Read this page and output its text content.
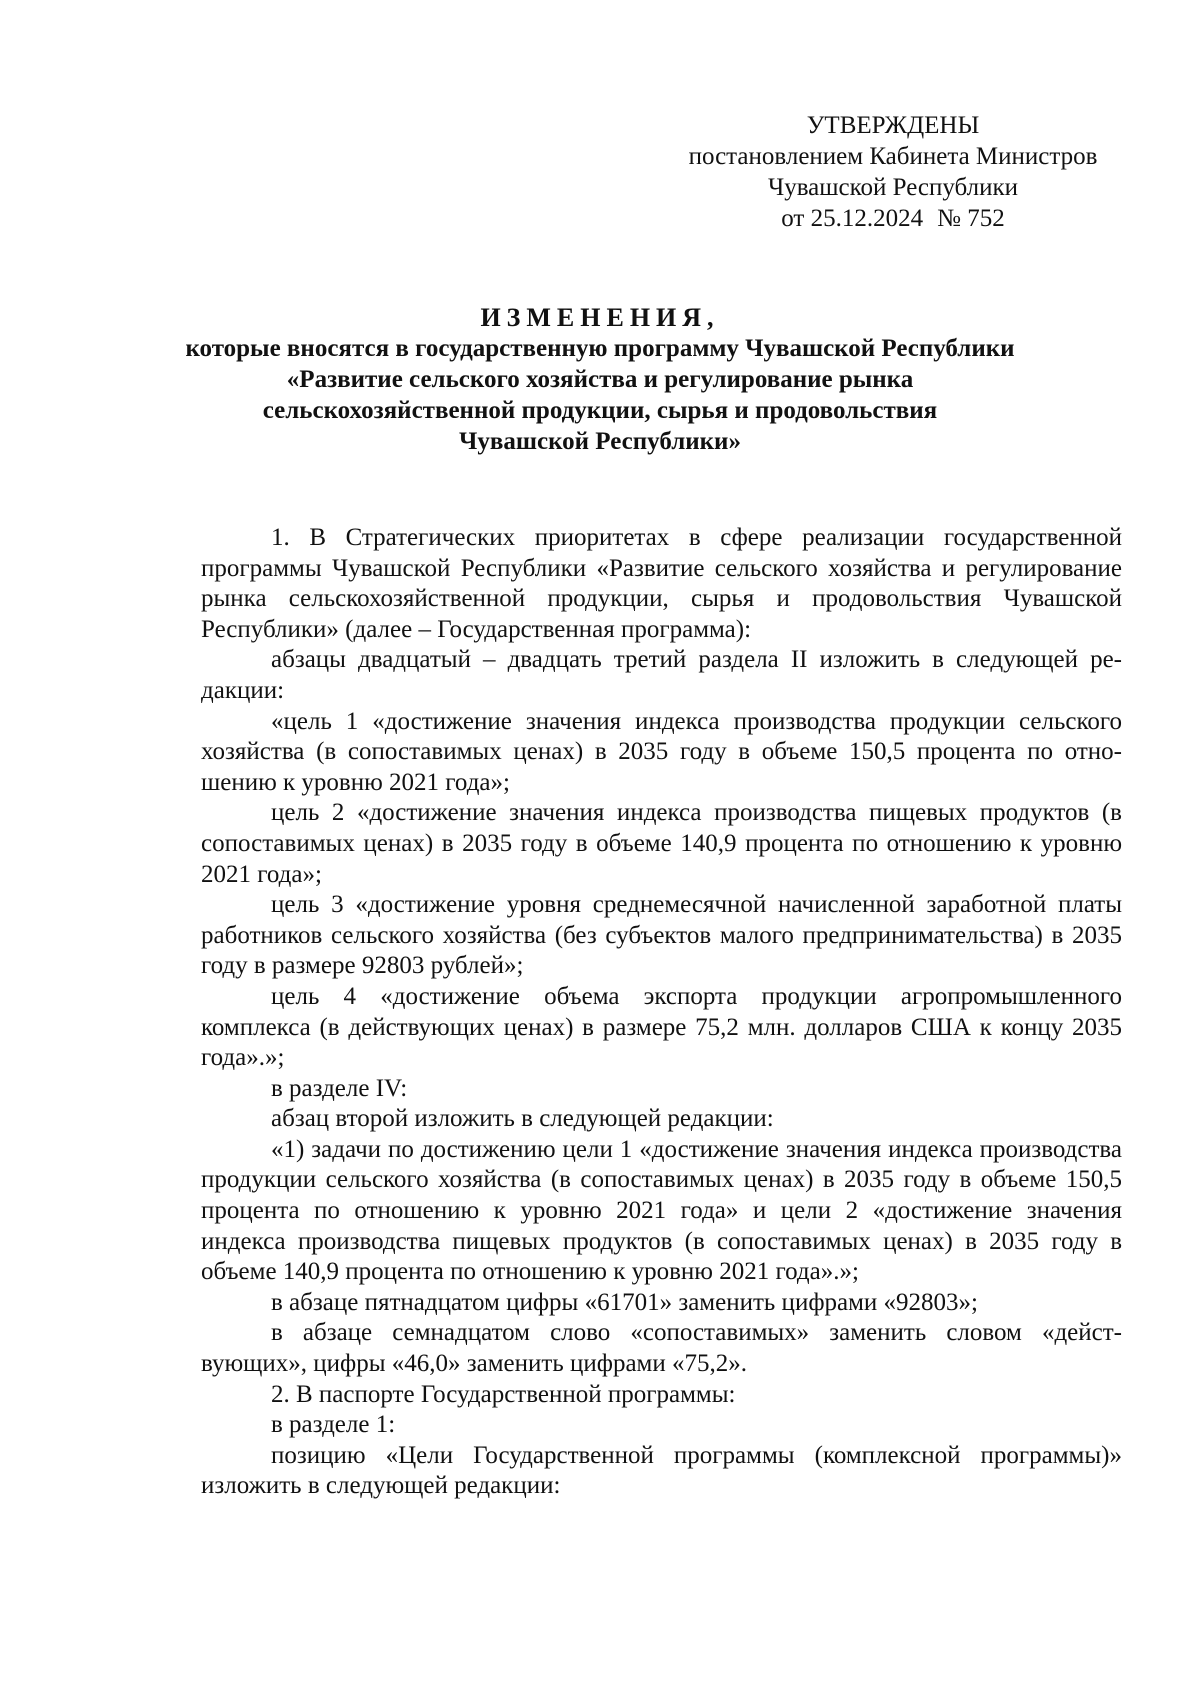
УТВЕРЖДЕНЫ
постановлением Кабинета Министров
Чувашской Республики
от 25.12.2024 № 752
ИЗМЕНЕНИЯ,
которые вносятся в государственную программу Чувашской Республики
«Развитие сельского хозяйства и регулирование рынка
сельскохозяйственной продукции, сырья и продовольствия
Чувашской Республики»

1. В Стратегических приоритетах в сфере реализации государственной программы Чувашской Республики «Развитие сельского хозяйства и регулирование рынка сельскохозяйственной продукции, сырья и продовольствия Чувашской Республики» (далее – Государственная программа):

абзацы двадцатый – двадцать третий раздела II изложить в следующей редакции:

«цель 1 «достижение значения индекса производства продукции сельского хозяйства (в сопоставимых ценах) в 2035 году в объеме 150,5 процента по отношению к уровню 2021 года»;

цель 2 «достижение значения индекса производства пищевых продуктов (в сопоставимых ценах) в 2035 году в объеме 140,9 процента по отношению к уровню 2021 года»;

цель 3 «достижение уровня среднемесячной начисленной заработной платы работников сельского хозяйства (без субъектов малого предпринимательства) в 2035 году в размере 92803 рублей»;

цель 4 «достижение объема экспорта продукции агропромышленного комплекса (в действующих ценах) в размере 75,2 млн. долларов США к концу 2035 года».»;

в разделе IV:

абзац второй изложить в следующей редакции:

«1) задачи по достижению цели 1 «достижение значения индекса производства продукции сельского хозяйства (в сопоставимых ценах) в 2035 году в объеме 150,5 процента по отношению к уровню 2021 года» и цели 2 «достижение значения индекса производства пищевых продуктов (в сопоставимых ценах) в 2035 году в объеме 140,9 процента по отношению к уровню 2021 года».»;

в абзаце пятнадцатом цифры «61701» заменить цифрами «92803»;

в абзаце семнадцатом слово «сопоставимых» заменить словом «действующих», цифры «46,0» заменить цифрами «75,2».

2. В паспорте Государственной программы:

в разделе 1:

позицию «Цели Государственной программы (комплексной программы)» изложить в следующей редакции:
